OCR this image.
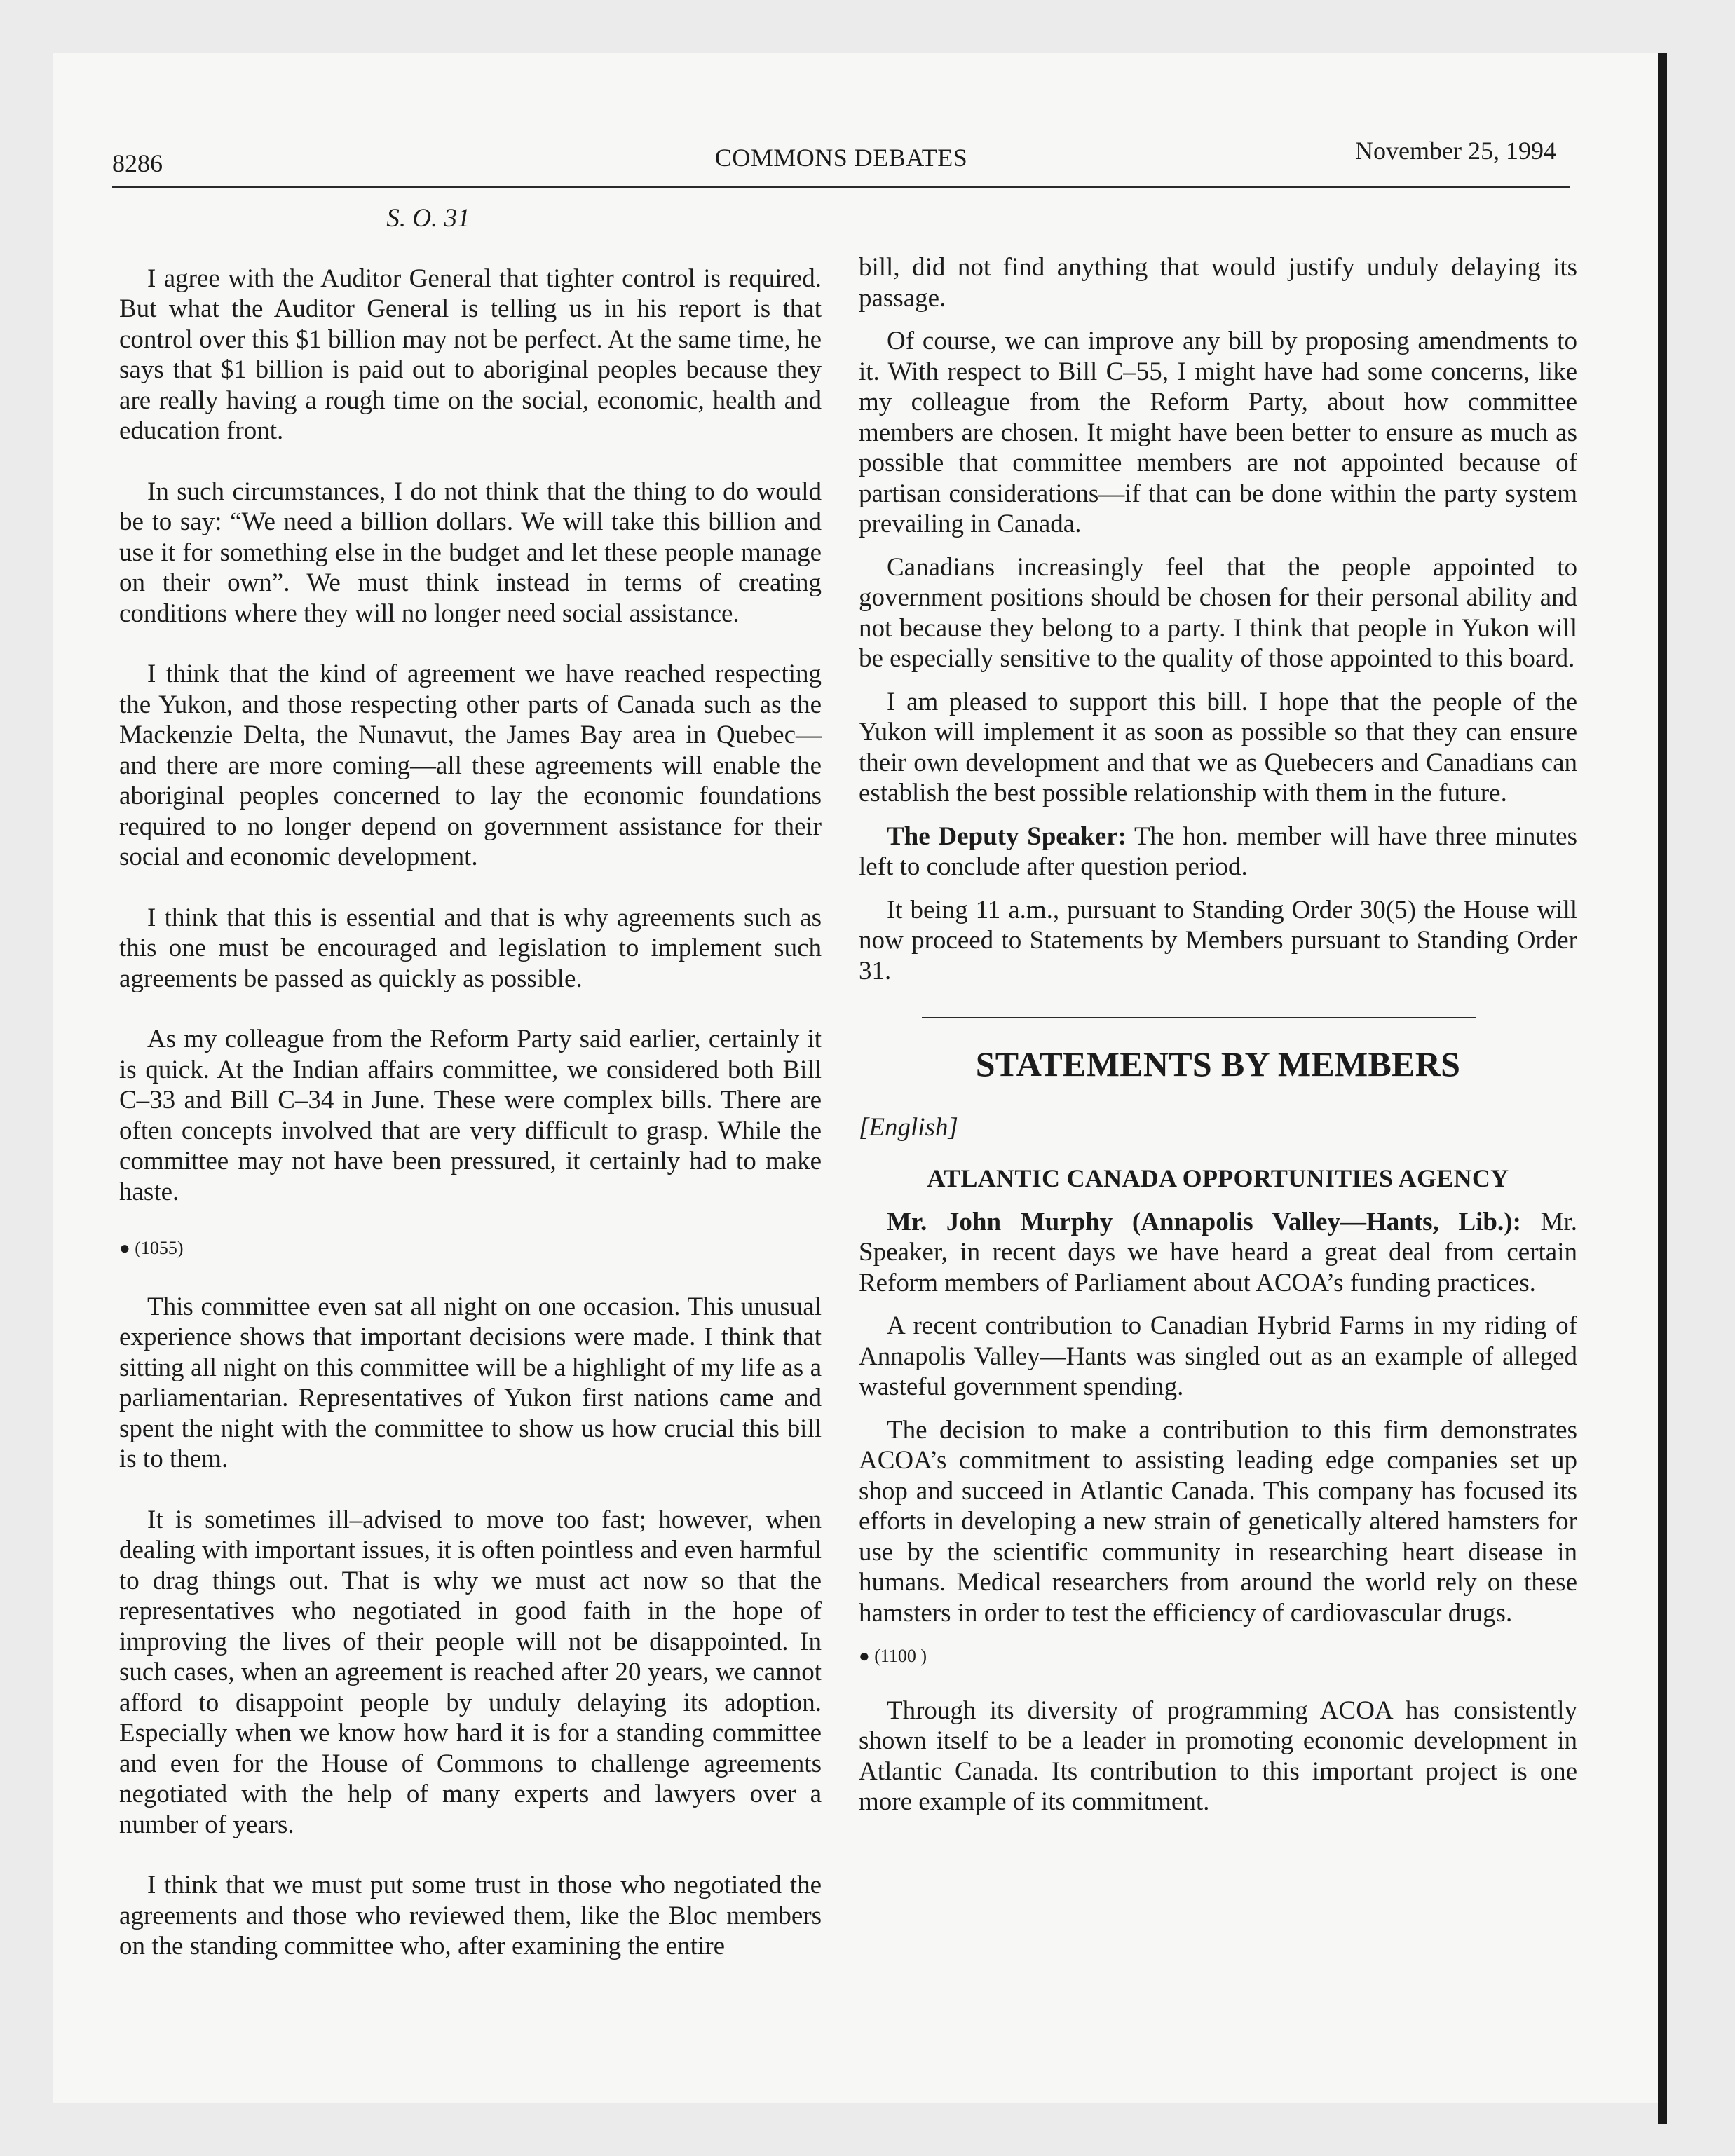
8286	COMMONS DEBATES	November 25, 1994
S. O. 31

I agree with the Auditor General that tighter control is required. But what the Auditor General is telling us in his report is that control over this $1 billion may not be perfect. At the same time, he says that $1 billion is paid out to aboriginal peoples because they are really having a rough time on the social, economic, health and education front.

In such circumstances, I do not think that the thing to do would be to say: “We need a billion dollars. We will take this billion and use it for something else in the budget and let these people manage on their own”. We must think instead in terms of creating conditions where they will no longer need social assistance.

I think that the kind of agreement we have reached respecting the Yukon, and those respecting other parts of Canada such as the Mackenzie Delta, the Nunavut, the James Bay area in Quebec—and there are more coming—all these agreements will enable the aboriginal peoples concerned to lay the economic foundations required to no longer depend on government assistance for their social and economic development.

I think that this is essential and that is why agreements such as this one must be encouraged and legislation to implement such agreements be passed as quickly as possible.

As my colleague from the Reform Party said earlier, certainly it is quick. At the Indian affairs committee, we considered both Bill C–33 and Bill C–34 in June. These were complex bills. There are often concepts involved that are very difficult to grasp. While the committee may not have been pressured, it certainly had to make haste.

● (1055)

This committee even sat all night on one occasion. This unusual experience shows that important decisions were made. I think that sitting all night on this committee will be a highlight of my life as a parliamentarian. Representatives of Yukon first nations came and spent the night with the committee to show us how crucial this bill is to them.

It is sometimes ill–advised to move too fast; however, when dealing with important issues, it is often pointless and even harmful to drag things out. That is why we must act now so that the representatives who negotiated in good faith in the hope of improving the lives of their people will not be disappointed. In such cases, when an agreement is reached after 20 years, we cannot afford to disappoint people by unduly delaying its adoption. Especially when we know how hard it is for a standing committee and even for the House of Commons to challenge agreements negotiated with the help of many experts and lawyers over a number of years.

I think that we must put some trust in those who negotiated the agreements and those who reviewed them, like the Bloc members on the standing committee who, after examining the entire

bill, did not find anything that would justify unduly delaying its passage.

Of course, we can improve any bill by proposing amendments to it. With respect to Bill C–55, I might have had some concerns, like my colleague from the Reform Party, about how committee members are chosen. It might have been better to ensure as much as possible that committee members are not appointed because of partisan considerations—if that can be done within the party system prevailing in Canada.

Canadians increasingly feel that the people appointed to government positions should be chosen for their personal ability and not because they belong to a party. I think that people in Yukon will be especially sensitive to the quality of those appointed to this board.

I am pleased to support this bill. I hope that the people of the Yukon will implement it as soon as possible so that they can ensure their own development and that we as Quebecers and Canadians can establish the best possible relationship with them in the future.

The Deputy Speaker: The hon. member will have three minutes left to conclude after question period.

It being 11 a.m., pursuant to Standing Order 30(5) the House will now proceed to Statements by Members pursuant to Standing Order 31.

STATEMENTS BY MEMBERS

[English]

ATLANTIC CANADA OPPORTUNITIES AGENCY

Mr. John Murphy (Annapolis Valley—Hants, Lib.): Mr. Speaker, in recent days we have heard a great deal from certain Reform members of Parliament about ACOA’s funding practices.

A recent contribution to Canadian Hybrid Farms in my riding of Annapolis Valley—Hants was singled out as an example of alleged wasteful government spending.

The decision to make a contribution to this firm demonstrates ACOA’s commitment to assisting leading edge companies set up shop and succeed in Atlantic Canada. This company has focused its efforts in developing a new strain of genetically altered hamsters for use by the scientific community in researching heart disease in humans. Medical researchers from around the world rely on these hamsters in order to test the efficiency of cardiovascular drugs.

● (1100 )

Through its diversity of programming ACOA has consistently shown itself to be a leader in promoting economic development in Atlantic Canada. Its contribution to this important project is one more example of its commitment.
